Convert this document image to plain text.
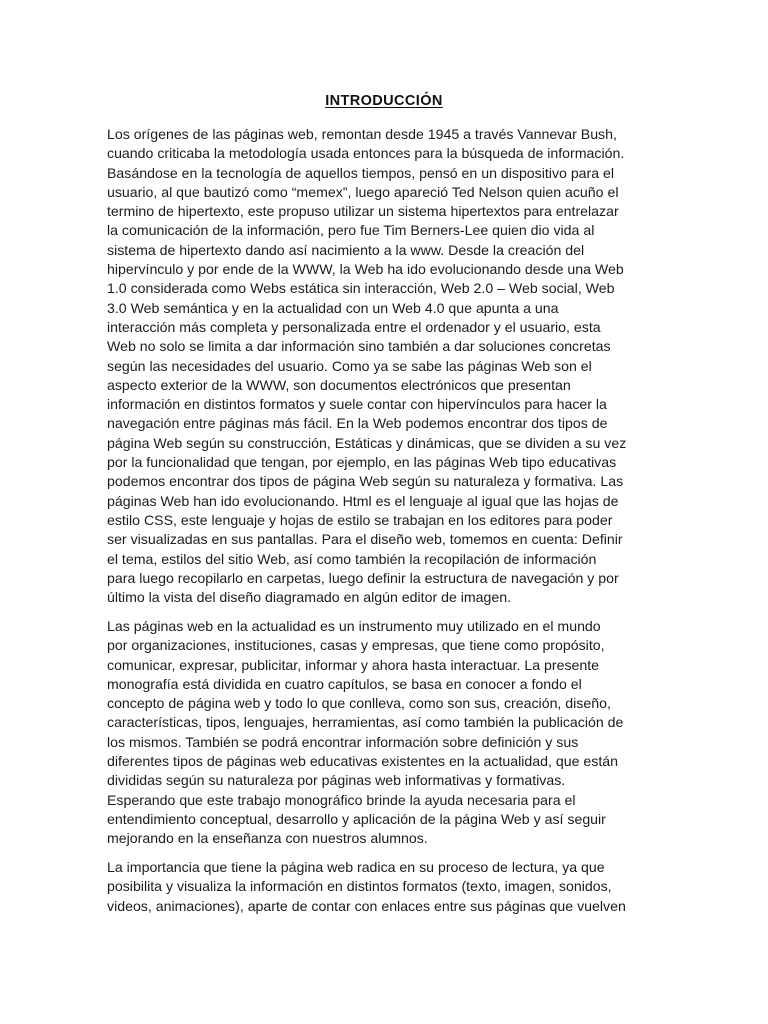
INTRODUCCIÓN

Los orígenes de las páginas web, remontan desde 1945 a través Vannevar Bush,
cuando criticaba la metodología usada entonces para la búsqueda de información.
Basándose en la tecnología de aquellos tiempos, pensó en un dispositivo para el
usuario, al que bautizó como “memex”, luego apareció Ted Nelson quien acuño el
termino de hipertexto, este propuso utilizar un sistema hipertextos para entrelazar
la comunicación de la información, pero fue Tim Berners-Lee quien dio vida al
sistema de hipertexto dando así nacimiento a la www. Desde la creación del
hipervínculo y por ende de la WWW, la Web ha ido evolucionando desde una Web
1.0 considerada como Webs estática sin interacción, Web 2.0 – Web social, Web
3.0 Web semántica y en la actualidad con un Web 4.0 que apunta a una
interacción más completa y personalizada entre el ordenador y el usuario, esta
Web no solo se limita a dar información sino también a dar soluciones concretas
según las necesidades del usuario. Como ya se sabe las páginas Web son el
aspecto exterior de la WWW, son documentos electrónicos que presentan
información en distintos formatos y suele contar con hipervínculos para hacer la
navegación entre páginas más fácil. En la Web podemos encontrar dos tipos de
página Web según su construcción, Estáticas y dinámicas, que se dividen a su vez
por la funcionalidad que tengan, por ejemplo, en las páginas Web tipo educativas
podemos encontrar dos tipos de página Web según su naturaleza y formativa. Las
páginas Web han ido evolucionando. Html es el lenguaje al igual que las hojas de
estilo CSS, este lenguaje y hojas de estilo se trabajan en los editores para poder
ser visualizadas en sus pantallas. Para el diseño web, tomemos en cuenta: Definir
el tema, estilos del sitio Web, así como también la recopilación de información
para luego recopilarlo en carpetas, luego definir la estructura de navegación y por
último la vista del diseño diagramado en algún editor de imagen.

Las páginas web en la actualidad es un instrumento muy utilizado en el mundo
por organizaciones, instituciones, casas y empresas, que tiene como propósito,
comunicar, expresar, publicitar, informar y ahora hasta interactuar. La presente
monografía está dividida en cuatro capítulos, se basa en conocer a fondo el
concepto de página web y todo lo que conlleva, como son sus, creación, diseño,
características, tipos, lenguajes, herramientas, así como también la publicación de
los mismos. También se podrá encontrar información sobre definición y sus
diferentes tipos de páginas web educativas existentes en la actualidad, que están
divididas según su naturaleza por páginas web informativas y formativas.
Esperando que este trabajo monográfico brinde la ayuda necesaria para el
entendimiento conceptual, desarrollo y aplicación de la página Web y así seguir
mejorando en la enseñanza con nuestros alumnos.

La importancia que tiene la página web radica en su proceso de lectura, ya que
posibilita y visualiza la información en distintos formatos (texto, imagen, sonidos,
videos, animaciones), aparte de contar con enlaces entre sus páginas que vuelven
